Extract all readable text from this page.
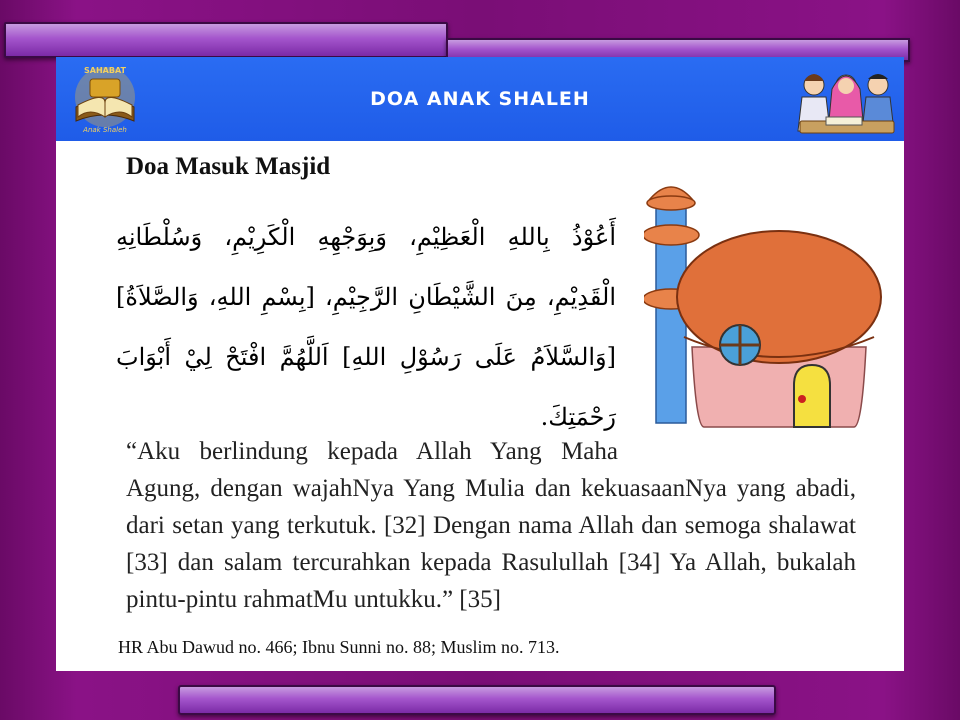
DOA ANAK SHALEH
SAHABAT
Anak Shaleh
Doa Masuk Masjid
أَعُوْذُ بِاللهِ الْعَظِيْمِ، وَبِوَجْهِهِ الْكَرِيْمِ، وَسُلْطَانِهِ الْقَدِيْمِ، مِنَ الشَّيْطَانِ الرَّجِيْمِ، [بِسْمِ اللهِ، وَالصَّلاَةُ][وَالسَّلاَمُ عَلَى رَسُوْلِ اللهِ] اَللَّهُمَّ افْتَحْ لِيْ أَبْوَابَ رَحْمَتِكَ.
“Aku berlindung kepada Allah Yang Maha
Agung, dengan wajahNya Yang Mulia dan kekuasaanNya yang abadi, dari setan yang terkutuk. [32] Dengan nama Allah dan semoga shalawat [33] dan salam tercurahkan kepada Rasulullah [34] Ya Allah, bukalah pintu-pintu rahmatMu untukku.” [35]
HR Abu Dawud no. 466; Ibnu Sunni no. 88; Muslim no. 713.
